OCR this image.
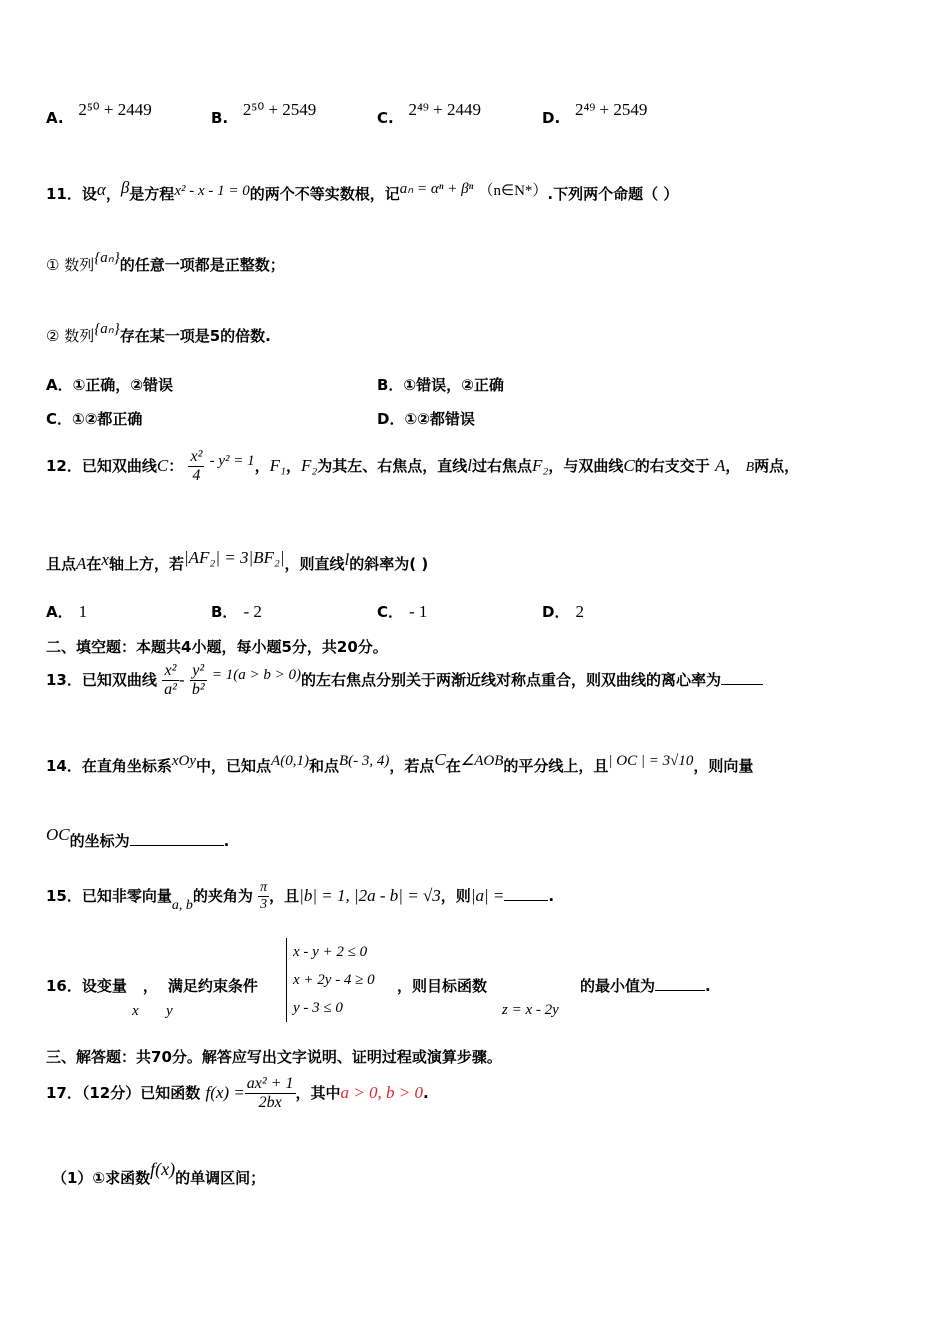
A. 2⁵⁰ + 2449	B. 2⁵⁰ + 2549	C. 2⁴⁹ + 2449	D. 2⁴⁹ + 2549
11．设α，β是方程x² - x - 1 = 0的两个不等实数根，记aₙ = αⁿ + βⁿ （n∈N*）.下列两个命题（ ）
① 数列{aₙ}的任意一项都是正整数；
② 数列{aₙ}存在某一项是5的倍数.
A．①正确，②错误	B．①错误，②正确
C．①②都正确	D．①②都错误
12．已知双曲线C： $\frac{\text{x²}}{4} - y^2 = 1$，F₁，F₂为其左、右焦点，直线l过右焦点F₂，与双曲线C的右支交于 A， B两点，
且点A在x轴上方，若|AF₂| = 3|BF₂|，则直线l的斜率为( )
A． 1	B． - 2	C． - 1	D． 2
二、填空题：本题共4小题，每小题5分，共20分。
13．已知双曲线 $\frac{\text{x²}}{\text{a²}} - \frac{\text{y²}}{\text{b²}} = 1(a > b > 0)$的左右焦点分别关于两渐近线对称点重合，则双曲线的离心率为
14．在直角坐标系xOy中，已知点A(0,1)和点B(- 3, 4)，若点C在∠AOB的平分线上，且| OC | = 3√10，则向量
OC的坐标为	.
15．已知非零向量a, b的夹角为 $\frac{\pi}{3}$ ，且|b| = 1, |2a - b| = √3，则|a| =	.
16．设变量 ， 满足约束条件
x y
x - y + 2 ≤ 0
x + 2y - 4 ≥ 0
y - 3 ≤ 0
，则目标函数
z = x - 2y
的最小值为	.
三、解答题：共70分。解答应写出文字说明、证明过程或演算步骤。
17．（12分）已知函数 $f(x) = \frac{\text{ax² + 1}}{2bx}$ ，其中a > 0, b > 0.
（1）①求函数f(x)的单调区间；
